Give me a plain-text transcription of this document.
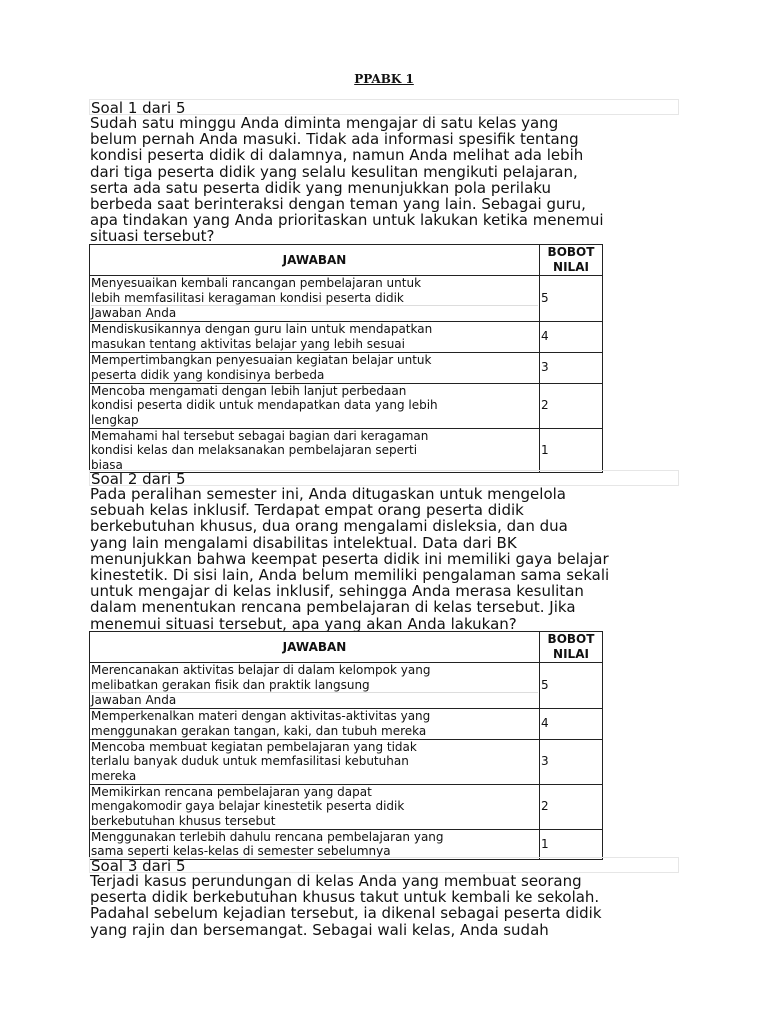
PPABK 1
Soal 1 dari 5
Sudah satu minggu Anda diminta mengajar di satu kelas yang
belum pernah Anda masuki. Tidak ada informasi spesifik tentang
kondisi peserta didik di dalamnya, namun Anda melihat ada lebih
dari tiga peserta didik yang selalu kesulitan mengikuti pelajaran,
serta ada satu peserta didik yang menunjukkan pola perilaku
berbeda saat berinteraksi dengan teman yang lain. Sebagai guru,
apa tindakan yang Anda prioritaskan untuk lakukan ketika menemui
situasi tersebut?
JAWABAN	BOBOT
NILAI

Menyesuaikan kembali rancangan pembelajaran untuk
lebih memfasilitasi keragaman kondisi peserta didik
Jawaban Anda	5

Mendiskusikannya dengan guru lain untuk mendapatkan
masukan tentang aktivitas belajar yang lebih sesuai	4

Mempertimbangkan penyesuaian kegiatan belajar untuk
peserta didik yang kondisinya berbeda	3

Mencoba mengamati dengan lebih lanjut perbedaan
kondisi peserta didik untuk mendapatkan data yang lebih
lengkap	2

Memahami hal tersebut sebagai bagian dari keragaman
kondisi kelas dan melaksanakan pembelajaran seperti
biasa	1
Soal 2 dari 5
Pada peralihan semester ini, Anda ditugaskan untuk mengelola
sebuah kelas inklusif. Terdapat empat orang peserta didik
berkebutuhan khusus, dua orang mengalami disleksia, dan dua
yang lain mengalami disabilitas intelektual. Data dari BK
menunjukkan bahwa keempat peserta didik ini memiliki gaya belajar
kinestetik. Di sisi lain, Anda belum memiliki pengalaman sama sekali
untuk mengajar di kelas inklusif, sehingga Anda merasa kesulitan
dalam menentukan rencana pembelajaran di kelas tersebut. Jika
menemui situasi tersebut, apa yang akan Anda lakukan?
JAWABAN	BOBOT
NILAI

Merencanakan aktivitas belajar di dalam kelompok yang
melibatkan gerakan fisik dan praktik langsung
Jawaban Anda	5

Memperkenalkan materi dengan aktivitas-aktivitas yang
menggunakan gerakan tangan, kaki, dan tubuh mereka	4

Mencoba membuat kegiatan pembelajaran yang tidak
terlalu banyak duduk untuk memfasilitasi kebutuhan
mereka	3

Memikirkan rencana pembelajaran yang dapat
mengakomodir gaya belajar kinestetik peserta didik
berkebutuhan khusus tersebut	2

Menggunakan terlebih dahulu rencana pembelajaran yang
sama seperti kelas-kelas di semester sebelumnya	1
Soal 3 dari 5
Terjadi kasus perundungan di kelas Anda yang membuat seorang
peserta didik berkebutuhan khusus takut untuk kembali ke sekolah.
Padahal sebelum kejadian tersebut, ia dikenal sebagai peserta didik
yang rajin dan bersemangat. Sebagai wali kelas, Anda sudah
